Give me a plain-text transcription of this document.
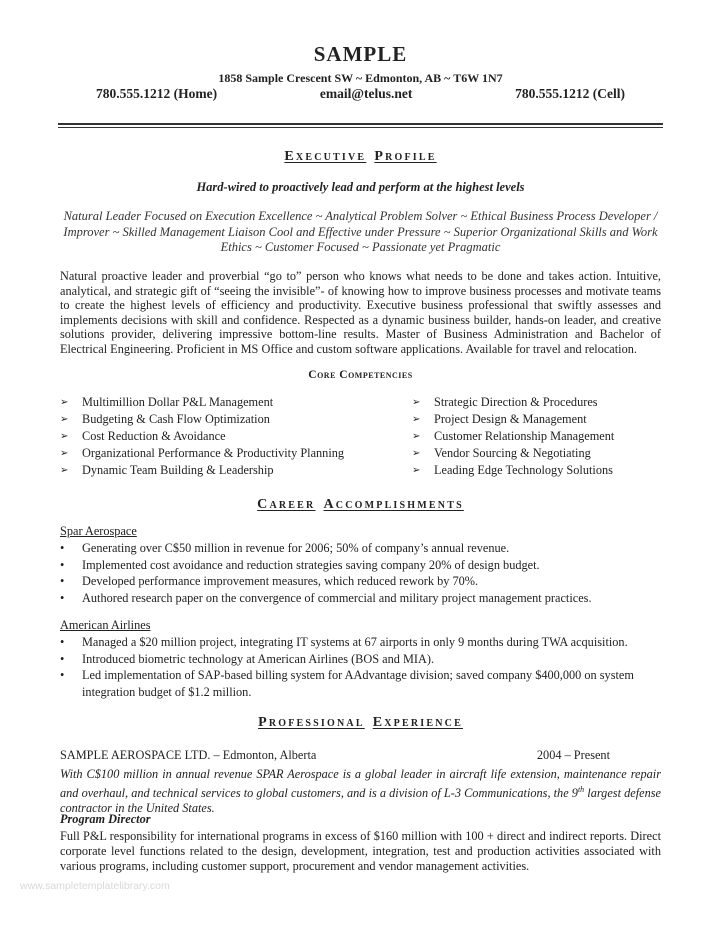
SAMPLE
1858 Sample Crescent SW ~ Edmonton, AB ~ T6W 1N7
780.555.1212 (Home)	email@telus.net	780.555.1212 (Cell)
Executive Profile
Hard-wired to proactively lead and perform at the highest levels
Natural Leader Focused on Execution Excellence ~ Analytical Problem Solver ~ Ethical Business Process Developer / Improver ~ Skilled Management Liaison Cool and Effective under Pressure ~ Superior Organizational Skills and Work Ethics ~ Customer Focused ~ Passionate yet Pragmatic
Natural proactive leader and proverbial “go to” person who knows what needs to be done and takes action. Intuitive, analytical, and strategic gift of “seeing the invisible”- of knowing how to improve business processes and motivate teams to create the highest levels of efficiency and productivity. Executive business professional that swiftly assesses and implements decisions with skill and confidence. Respected as a dynamic business builder, hands-on leader, and creative solutions provider, delivering impressive bottom-line results. Master of Business Administration and Bachelor of Electrical Engineering. Proficient in MS Office and custom software applications. Available for travel and relocation.
Core Competencies
➢ Multimillion Dollar P&L Management
➢ Budgeting & Cash Flow Optimization
➢ Cost Reduction & Avoidance
➢ Organizational Performance & Productivity Planning
➢ Dynamic Team Building & Leadership
➢ Strategic Direction & Procedures
➢ Project Design & Management
➢ Customer Relationship Management
➢ Vendor Sourcing & Negotiating
➢ Leading Edge Technology Solutions
Career Accomplishments
Spar Aerospace
• Generating over C$50 million in revenue for 2006; 50% of company’s annual revenue.
• Implemented cost avoidance and reduction strategies saving company 20% of design budget.
• Developed performance improvement measures, which reduced rework by 70%.
• Authored research paper on the convergence of commercial and military project management practices.
American Airlines
• Managed a $20 million project, integrating IT systems at 67 airports in only 9 months during TWA acquisition.
• Introduced biometric technology at American Airlines (BOS and MIA).
• Led implementation of SAP-based billing system for AAdvantage division; saved company $400,000 on system integration budget of $1.2 million.
Professional Experience
SAMPLE AEROSPACE LTD. – Edmonton, Alberta	2004 – Present
With C$100 million in annual revenue SPAR Aerospace is a global leader in aircraft life extension, maintenance repair and overhaul, and technical services to global customers, and is a division of L-3 Communications, the 9th largest defense contractor in the United States.
Program Director
Full P&L responsibility for international programs in excess of $160 million with 100 + direct and indirect reports. Direct corporate level functions related to the design, development, integration, test and production activities associated with various programs, including customer support, procurement and vendor management activities.
www.sampletemplatelibrary.com
